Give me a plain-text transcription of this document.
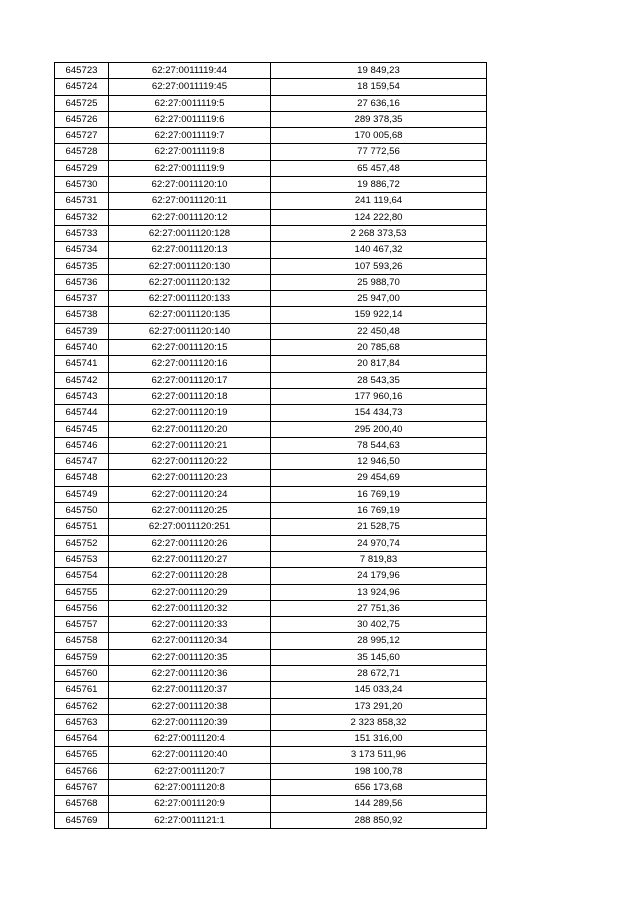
645723	62:27:0011119:44	19 849,23
645724	62:27:0011119:45	18 159,54
645725	62:27:0011119:5	27 636,16
645726	62:27:0011119:6	289 378,35
645727	62:27:0011119:7	170 005,68
645728	62:27:0011119:8	77 772,56
645729	62:27:0011119:9	65 457,48
645730	62:27:0011120:10	19 886,72
645731	62:27:0011120:11	241 119,64
645732	62:27:0011120:12	124 222,80
645733	62:27:0011120:128	2 268 373,53
645734	62:27:0011120:13	140 467,32
645735	62:27:0011120:130	107 593,26
645736	62:27:0011120:132	25 988,70
645737	62:27:0011120:133	25 947,00
645738	62:27:0011120:135	159 922,14
645739	62:27:0011120:140	22 450,48
645740	62:27:0011120:15	20 785,68
645741	62:27:0011120:16	20 817,84
645742	62:27:0011120:17	28 543,35
645743	62:27:0011120:18	177 960,16
645744	62:27:0011120:19	154 434,73
645745	62:27:0011120:20	295 200,40
645746	62:27:0011120:21	78 544,63
645747	62:27:0011120:22	12 946,50
645748	62:27:0011120:23	29 454,69
645749	62:27:0011120:24	16 769,19
645750	62:27:0011120:25	16 769,19
645751	62:27:0011120:251	21 528,75
645752	62:27:0011120:26	24 970,74
645753	62:27:0011120:27	7 819,83
645754	62:27:0011120:28	24 179,96
645755	62:27:0011120:29	13 924,96
645756	62:27:0011120:32	27 751,36
645757	62:27:0011120:33	30 402,75
645758	62:27:0011120:34	28 995,12
645759	62:27:0011120:35	35 145,60
645760	62:27:0011120:36	28 672,71
645761	62:27:0011120:37	145 033,24
645762	62:27:0011120:38	173 291,20
645763	62:27:0011120:39	2 323 858,32
645764	62:27:0011120:4	151 316,00
645765	62:27:0011120:40	3 173 511,96
645766	62:27:0011120:7	198 100,78
645767	62:27:0011120:8	656 173,68
645768	62:27:0011120:9	144 289,56
645769	62:27:0011121:1	288 850,92
